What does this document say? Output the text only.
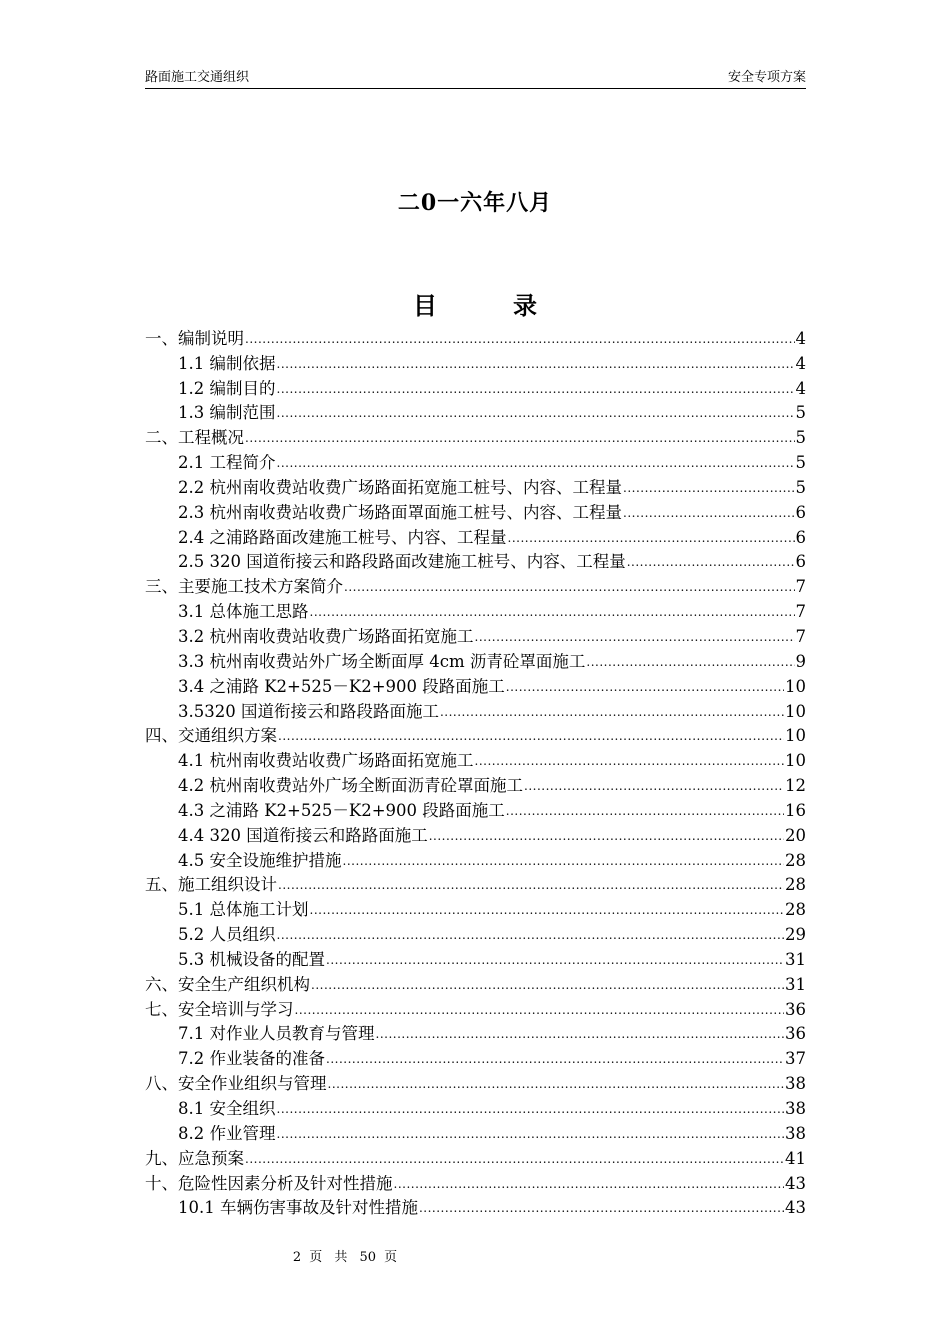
路面施工交通组织	安全专项方案
二0一六年八月
目	录
一、编制说明 .....	4
1.1 编制依据 .....	4
1.2 编制目的 .....	4
1.3 编制范围 .....	5
二、工程概况 .....	5
2.1 工程简介 .....	5
2.2 杭州南收费站收费广场路面拓宽施工桩号、内容、工程量 .....	5
2.3 杭州南收费站收费广场路面罩面施工桩号、内容、工程量 .....	6
2.4 之浦路路面改建施工桩号、内容、工程量 .....	6
2.5 320 国道衔接云和路段路面改建施工桩号、内容、工程量 .....	6
三、主要施工技术方案简介 .....	7
3.1 总体施工思路 .....	7
3.2 杭州南收费站收费广场路面拓宽施工 .....	7
3.3 杭州南收费站外广场全断面厚 4cm 沥青砼罩面施工 .....	9
3.4 之浦路 K2+525－K2+900 段路面施工 .....	10
3.5320 国道衔接云和路段路面施工 .....	10
四、交通组织方案 .....	10
4.1 杭州南收费站收费广场路面拓宽施工 .....	10
4.2 杭州南收费站外广场全断面沥青砼罩面施工 .....	12
4.3 之浦路 K2+525－K2+900 段路面施工 .....	16
4.4 320 国道衔接云和路路面施工 .....	20
4.5 安全设施维护措施 .....	28
五、施工组织设计 .....	28
5.1 总体施工计划 .....	28
5.2 人员组织 .....	29
5.3 机械设备的配置 .....	31
六、安全生产组织机构 .....	31
七、安全培训与学习 .....	36
7.1 对作业人员教育与管理 .....	36
7.2 作业装备的准备 .....	37
八、安全作业组织与管理 .....	38
8.1 安全组织 .....	38
8.2 作业管理 .....	38
九、应急预案 .....	41
十、危险性因素分析及针对性措施 .....	43
10.1 车辆伤害事故及针对性措施 .....	43
2 页 共 50 页
